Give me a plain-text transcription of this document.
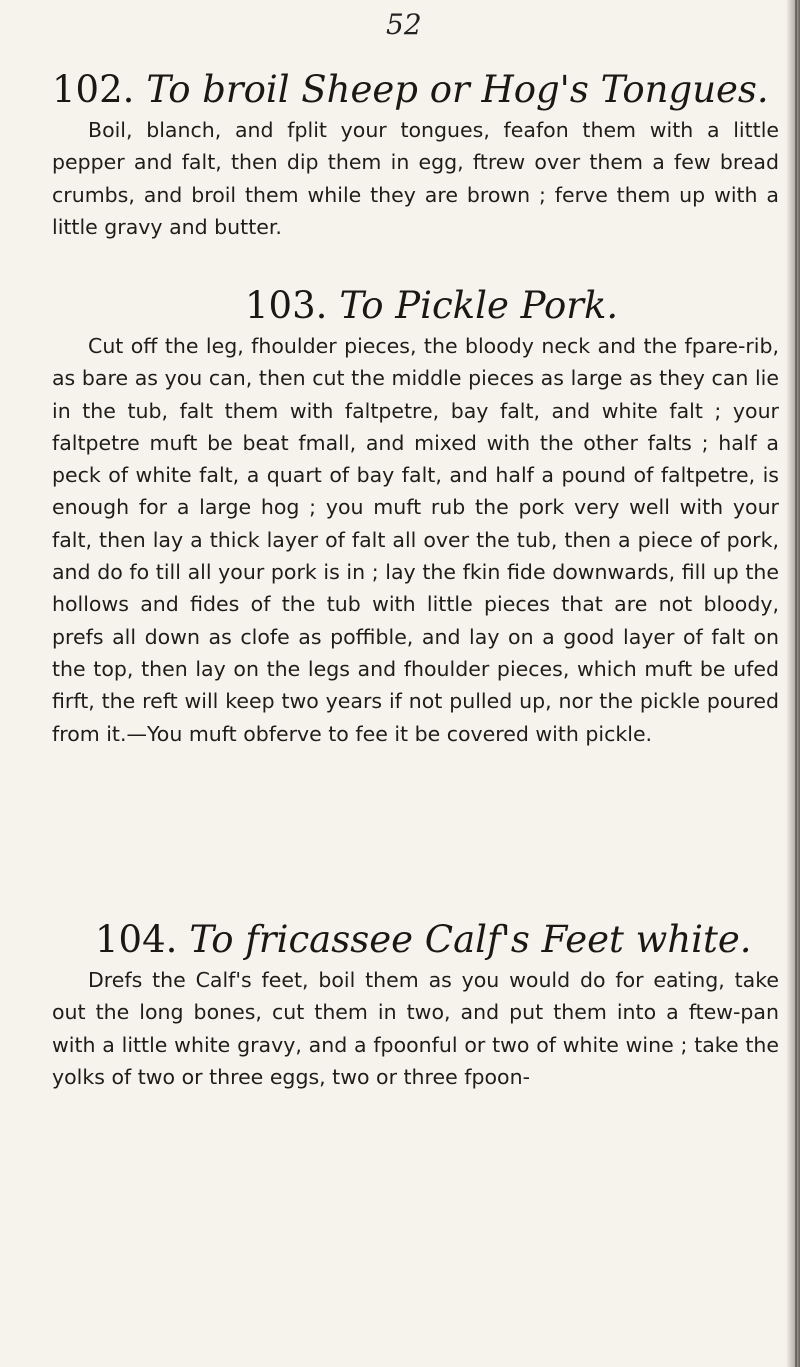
52
102. To broil Sheep or Hog's Tongues.

Boil, blanch, and fplit your tongues, feafon them with a little pepper and falt, then dip them in egg, ftrew over them a few bread crumbs, and broil them while they are brown ; ferve them up with a little gravy and butter.

103. To Pickle Pork.

Cut off the leg, fhoulder pieces, the bloody neck and the fpare-rib, as bare as you can, then cut the middle pieces as large as they can lie in the tub, falt them with faltpetre, bay falt, and white falt ; your faltpetre muft be beat fmall, and mixed with the other falts ; half a peck of white falt, a quart of bay falt, and half a pound of faltpetre, is enough for a large hog ; you muft rub the pork very well with your falt, then lay a thick layer of falt all over the tub, then a piece of pork, and do fo till all your pork is in ; lay the fkin fide downwards, fill up the hollows and fides of the tub with little pieces that are not bloody, prefs all down as clofe as poffible, and lay on a good layer of falt on the top, then lay on the legs and fhoulder pieces, which muft be ufed firft, the reft will keep two years if not pulled up, nor the pickle poured from it.—You muft obferve to fee it be covered with pickle.

104. To fricassee Calf's Feet white.

Drefs the Calf's feet, boil them as you would do for eating, take out the long bones, cut them in two, and put them into a ftew-pan with a little white gravy, and a fpoonful or two of white wine ; take the yolks of two or three eggs, two or three fpoon-
